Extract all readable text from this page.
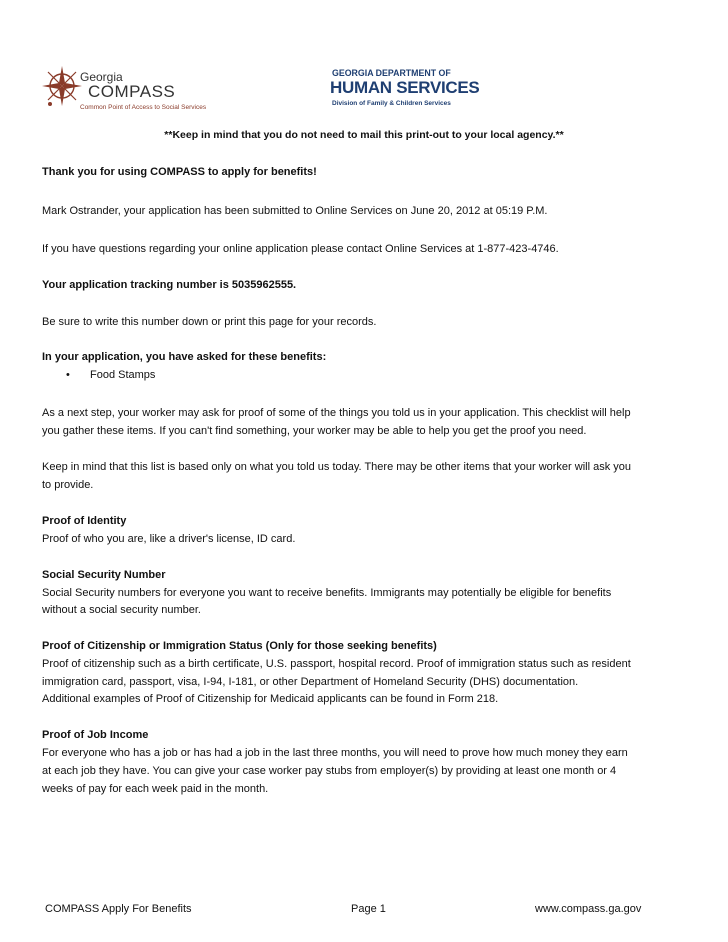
Georgia
COMPASS
Common Point of Access to Social Services
GEORGIA DEPARTMENT OF
HUMAN SERVICES
Division of Family & Children Services
**Keep in mind that you do not need to mail this print-out to your local agency.**
Thank you for using COMPASS to apply for benefits!
Mark Ostrander, your application has been submitted to Online Services on June 20, 2012 at 05:19 P.M.
If you have questions regarding your online application please contact Online Services at 1-877-423-4746.
Your application tracking number is 5035962555.
Be sure to write this number down or print this page for your records.
In your application, you have asked for these benefits:
• Food Stamps
As a next step, your worker may ask for proof of some of the things you told us in your application. This checklist will help
you gather these items. If you can't find something, your worker may be able to help you get the proof you need.
Keep in mind that this list is based only on what you told us today. There may be other items that your worker will ask you
to provide.
Proof of Identity
Proof of who you are, like a driver's license, ID card.
Social Security Number
Social Security numbers for everyone you want to receive benefits. Immigrants may potentially be eligible for benefits
without a social security number.
Proof of Citizenship or Immigration Status (Only for those seeking benefits)
Proof of citizenship such as a birth certificate, U.S. passport, hospital record. Proof of immigration status such as resident
immigration card, passport, visa, I-94, I-181, or other Department of Homeland Security (DHS) documentation.
Additional examples of Proof of Citizenship for Medicaid applicants can be found in Form 218.
Proof of Job Income
For everyone who has a job or has had a job in the last three months, you will need to prove how much money they earn
at each job they have. You can give your case worker pay stubs from employer(s) by providing at least one month or 4
weeks of pay for each week paid in the month.
COMPASS Apply For Benefits	Page 1	www.compass.ga.gov
